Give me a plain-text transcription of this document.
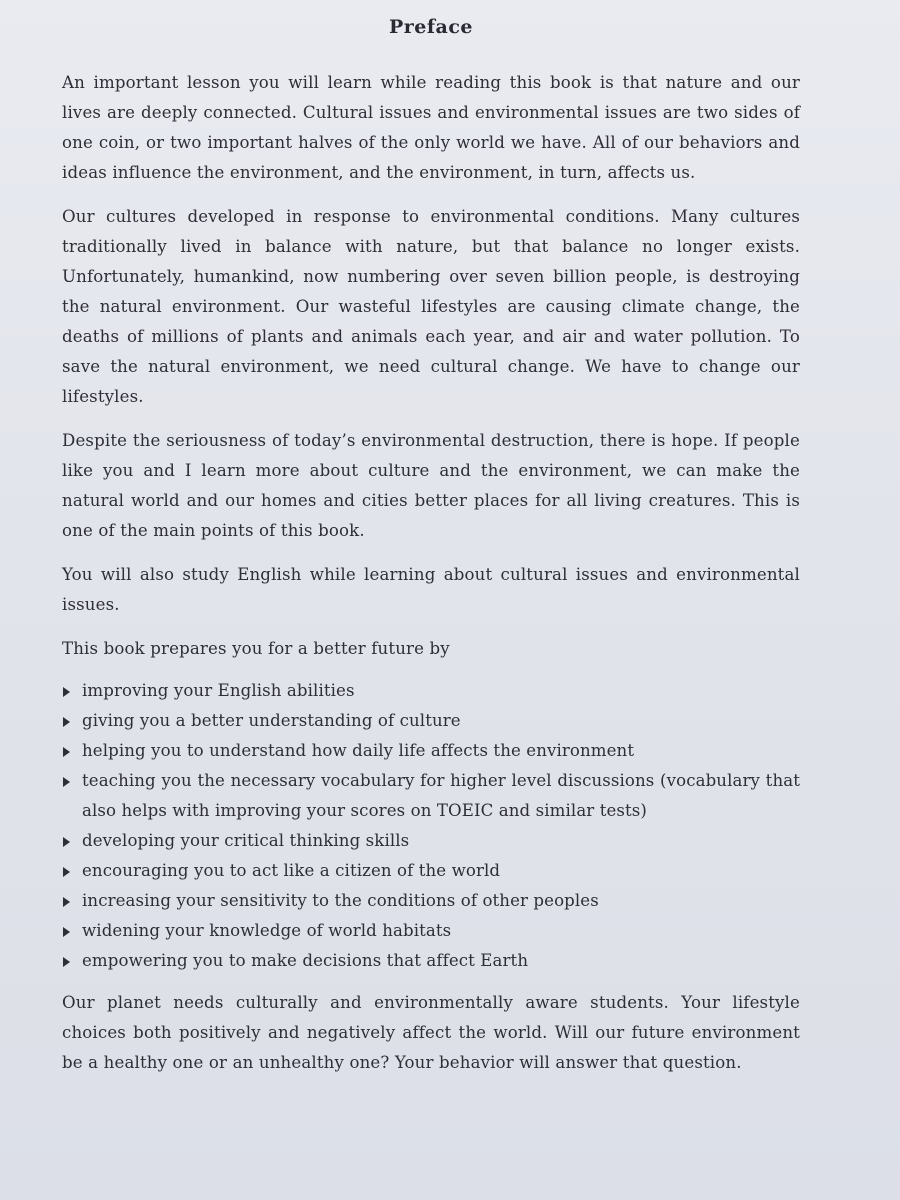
Preface

An important lesson you will learn while reading this book is that nature and our lives are deeply connected. Cultural issues and environmental issues are two sides of one coin, or two important halves of the only world we have. All of our behaviors and ideas influence the environment, and the environment, in turn, affects us.

Our cultures developed in response to environmental conditions. Many cultures traditionally lived in balance with nature, but that balance no longer exists. Unfortunately, humankind, now numbering over seven billion people, is destroying the natural environment. Our wasteful lifestyles are causing climate change, the deaths of millions of plants and animals each year, and air and water pollution. To save the natural environment, we need cultural change. We have to change our lifestyles.

Despite the seriousness of today’s environmental destruction, there is hope. If people like you and I learn more about culture and the environment, we can make the natural world and our homes and cities better places for all living creatures. This is one of the main points of this book.

You will also study English while learning about cultural issues and environmental issues.

This book prepares you for a better future by

improving your English abilities
giving you a better understanding of culture
helping you to understand how daily life affects the environment
teaching you the necessary vocabulary for higher level discussions (vocabulary that also helps with improving your scores on TOEIC and similar tests)
developing your critical thinking skills
encouraging you to act like a citizen of the world
increasing your sensitivity to the conditions of other peoples
widening your knowledge of world habitats
empowering you to make decisions that affect Earth

Our planet needs culturally and environmentally aware students. Your lifestyle choices both positively and negatively affect the world. Will our future environment be a healthy one or an unhealthy one? Your behavior will answer that question.
